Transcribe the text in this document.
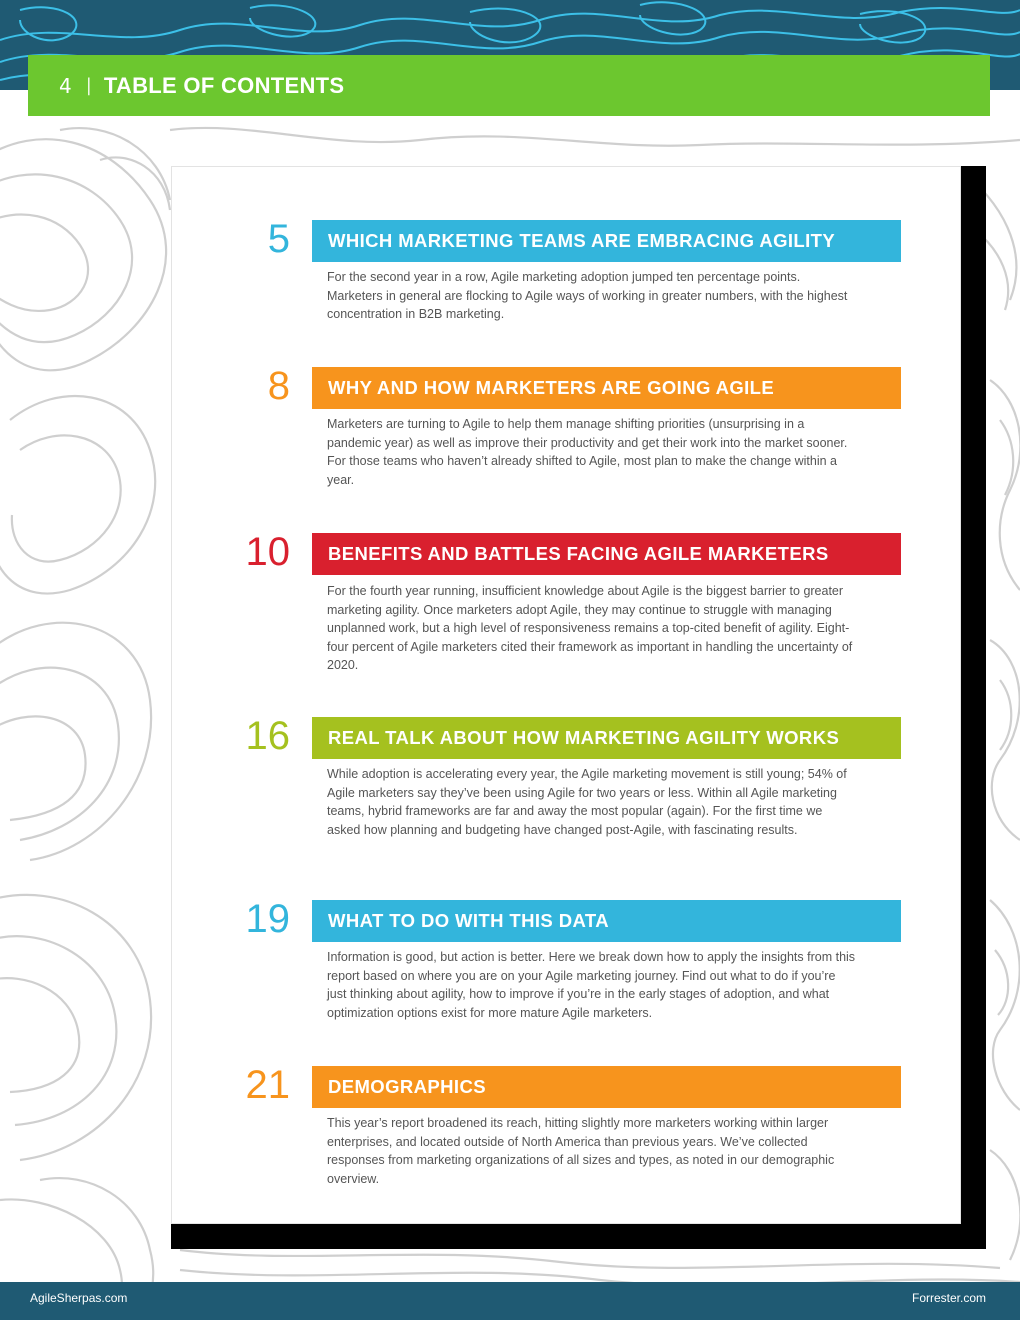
4 | TABLE OF CONTENTS
5 WHICH MARKETING TEAMS ARE EMBRACING AGILITY
For the second year in a row, Agile marketing adoption jumped ten percentage points. Marketers in general are flocking to Agile ways of working in greater numbers, with the highest concentration in B2B marketing.
8 WHY AND HOW MARKETERS ARE GOING AGILE
Marketers are turning to Agile to help them manage shifting priorities (unsurprising in a pandemic year) as well as improve their productivity and get their work into the market sooner. For those teams who haven’t already shifted to Agile, most plan to make the change within a year.
10 BENEFITS AND BATTLES FACING AGILE MARKETERS
For the fourth year running, insufficient knowledge about Agile is the biggest barrier to greater marketing agility. Once marketers adopt Agile, they may continue to struggle with managing unplanned work, but a high level of responsiveness remains a top-cited benefit of agility. Eight-four percent of Agile marketers cited their framework as important in handling the uncertainty of 2020.
16 REAL TALK ABOUT HOW MARKETING AGILITY WORKS
While adoption is accelerating every year, the Agile marketing movement is still young; 54% of Agile marketers say they’ve been using Agile for two years or less. Within all Agile marketing teams, hybrid frameworks are far and away the most popular (again). For the first time we asked how planning and budgeting have changed post-Agile, with fascinating results.
19 WHAT TO DO WITH THIS DATA
Information is good, but action is better. Here we break down how to apply the insights from this report based on where you are on your Agile marketing journey. Find out what to do if you’re just thinking about agility, how to improve if you’re in the early stages of adoption, and what optimization options exist for more mature Agile marketers.
21 DEMOGRAPHICS
This year’s report broadened its reach, hitting slightly more marketers working within larger enterprises, and located outside of North America than previous years. We’ve collected responses from marketing organizations of all sizes and types, as noted in our demographic overview.
AgileSherpas.com	Forrester.com
